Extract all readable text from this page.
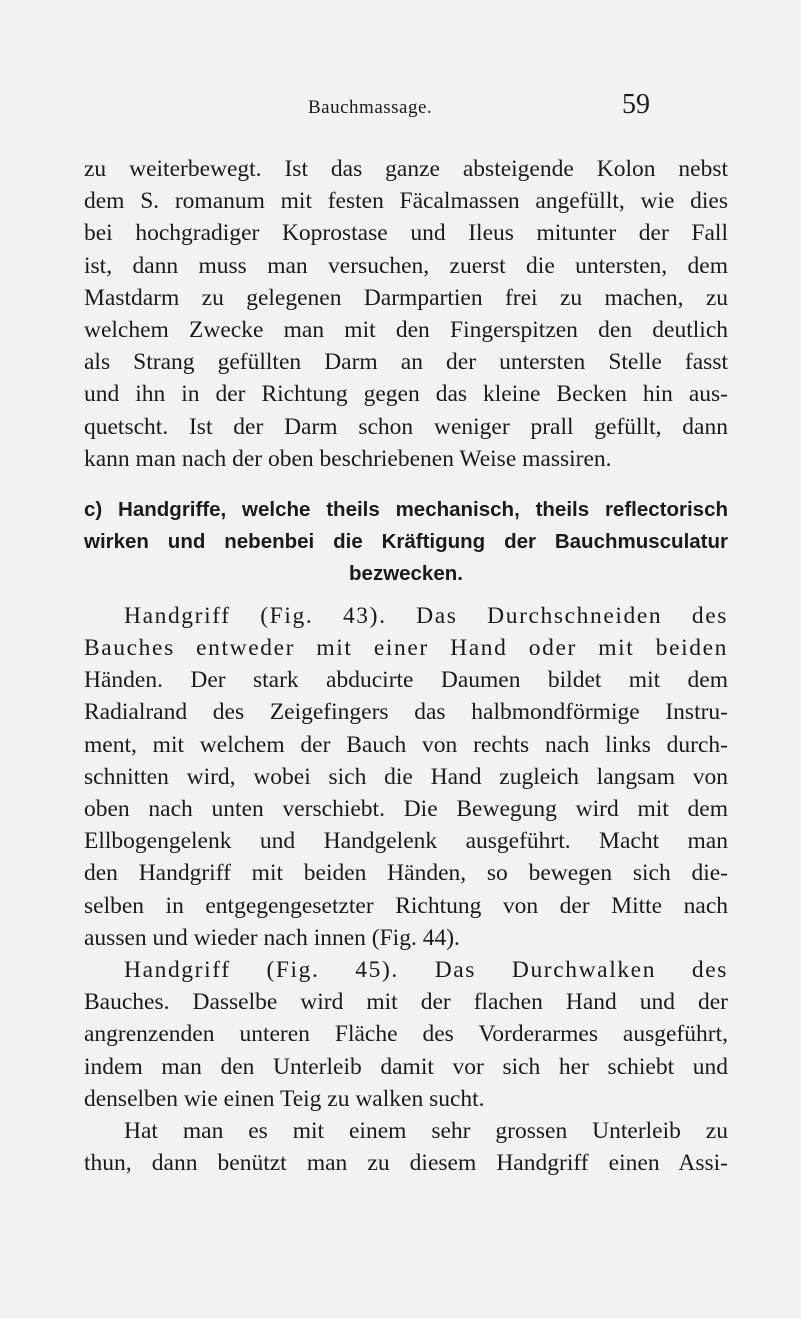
Bauchmassage.	59
zu weiterbewegt. Ist das ganze absteigende Kolon nebst
dem S. romanum mit festen Fäcalmassen angefüllt, wie dies
bei hochgradiger Koprostase und Ileus mitunter der Fall
ist, dann muss man versuchen, zuerst die untersten, dem
Mastdarm zu gelegenen Darmpartien frei zu machen, zu
welchem Zwecke man mit den Fingerspitzen den deutlich
als Strang gefüllten Darm an der untersten Stelle fasst
und ihn in der Richtung gegen das kleine Becken hin aus-
quetscht. Ist der Darm schon weniger prall gefüllt, dann
kann man nach der oben beschriebenen Weise massiren.
c) Handgriffe, welche theils mechanisch, theils reflectorisch
wirken und nebenbei die Kräftigung der Bauchmusculatur
bezwecken.
Handgriff (Fig. 43). Das Durchschneiden des
Bauches entweder mit einer Hand oder mit beiden
Händen. Der stark abducirte Daumen bildet mit dem
Radialrand des Zeigefingers das halbmondförmige Instru-
ment, mit welchem der Bauch von rechts nach links durch-
schnitten wird, wobei sich die Hand zugleich langsam von
oben nach unten verschiebt. Die Bewegung wird mit dem
Ellbogengelenk und Handgelenk ausgeführt. Macht man
den Handgriff mit beiden Händen, so bewegen sich die-
selben in entgegengesetzter Richtung von der Mitte nach
aussen und wieder nach innen (Fig. 44).
Handgriff (Fig. 45). Das Durchwalken des
Bauches. Dasselbe wird mit der flachen Hand und der
angrenzenden unteren Fläche des Vorderarmes ausgeführt,
indem man den Unterleib damit vor sich her schiebt und
denselben wie einen Teig zu walken sucht.
Hat man es mit einem sehr grossen Unterleib zu
thun, dann benützt man zu diesem Handgriff einen Assi-
